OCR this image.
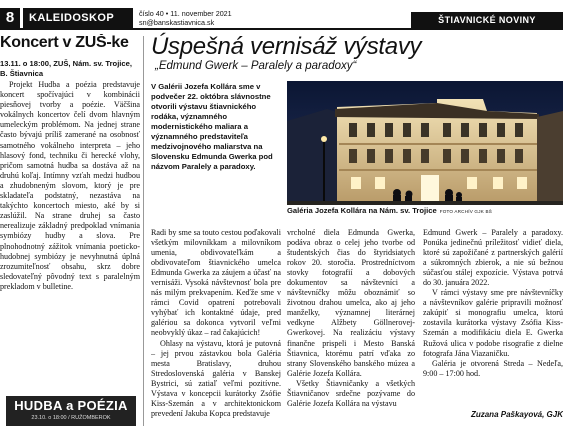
8	KALEIDOSKOP	číslo 40 • 11. november 2021
sn@banskastiavnica.sk	ŠTIAVNICKÉ NOVINY
Koncert v ZUŠ-ke
13.11. o 18:00, ZUŠ, Nám. sv. Trojice, B. Štiavnica
Projekt Hudba a poézia predstavuje koncert spočívajúci v kombinácii piesňovej tvorby a poézie. Väčšina vokálnych koncertov čelí dvom hlavným umeleckým problémom. Na jednej strane často bývajú príliš zamerané na osobnosť samotného vokálneho interpreta – jeho hlasový fond, techniku či herecké vlohy, pričom samotná hudba sa dostáva až na druhú koľaj. Intímny vzťah medzi hudbou a zhudobneným slovom, ktorý je pre skladateľa podstatný, nezastáva na takýchto koncertoch miesto, aké by si zaslúžil. Na strane druhej sa často nerealizuje základný predpoklad vnímania symbiózy hudby a slova. Pre plnohodnotný zážitok vnímania poeticko-hudobnej symbiózy je nevyhnutná úplná zrozumiteľnosť obsahu, skrz dobre sledovateľný pôvodný text s paralelným prekladom v bulletine.
HUDBA a POÉZIA
23.10. o 18:00 / RUŽOMBEROK
Úspešná vernisáž výstavy
„Edmund Gwerk – Paralely a paradoxy“
V Galérii Jozefa Kollára sme v podvečer 22. októbra slávnostne otvorili výstavu štiavnického rodáka, významného modernistického maliara a významného predstaviteľa medzivojnového maliarstva na Slovensku Edmunda Gwerka pod názvom Paralely a paradoxy.
Galéria Jozefa Kollára na Nám. sv. Trojice FOTO ARCHÍV GJK BŠ

Radi by sme sa touto cestou poďakovali všetkým milovníkkam a milovníkom umenia, obdivovateľkám a obdivovateľom štiavnického umelca Edmunda Gwerka za záujem a účasť na vernisáži. Vysoká návštevnosť bola pre nás milým prekvapením. Keďže sme v rámci Covid opatrení potrebovali vyhýbať ich kontaktné údaje, pred galériou sa dokonca vytvoril veľmi neobvyklý úkaz – rad čakajúcich!

Ohlasy na výstavu, ktorá je putovná – jej prvou zástavkou bola Galéria mesta Bratislavy, druhou Stredoslovenská galéria v Banskej Bystrici, sú zatiaľ veľmi pozitívne. Výstava v koncepcii kurátorky Zsófie Kiss-Szemán a v architektonickom prevedení Jakuba Kopca predstavuje

vrcholné diela Edmunda Gwerka, podáva obraz o celej jeho tvorbe od študentských čias do štyridsiatych rokov 20. storočia. Prostredníctvom stovky fotografií a dobových dokumentov sa návštevníci a návštevníčky môžu oboznámiť so životnou drahou umelca, ako aj jeho manželky, významnej literárnej vedkyne Alžbety Göllnerovej-Gwerkovej. Na realizáciu výstavy finančne prispeli i Mesto Banská Štiavnica, ktorému patrí vďaka zo strany Slovenského banského múzea a Galérie Jozefa Kollára.

Všetky Štiavničanky a všetkých Štiavničanov srdečne pozývame do Galérie Jozefa Kollára na výstavu

Edmund Gwerk – Paralely a paradoxy. Ponúka jedinečnú príležitosť vidieť diela, ktoré sú zapožičané z partnerských galérií a súkromných zbierok, a nie sú bežnou súčasťou stálej expozície. Výstava potrvá do 30. januára 2022.

V rámci výstavy sme pre návštevníčky a návštevníkov galérie pripravili možnosť zakúpiť si monografiu umelca, ktorú zostavila kurátorka výstavy Zsófia Kiss-Szemán a modifikáciu diela E. Gwerka Ružová ulica v podobe risografie z dielne fotografa Jána Viazaničku.

Galéria je otvorená Streda – Nedeľa, 9:00 – 17:00 hod.

Zuzana Paškayová, GJK
